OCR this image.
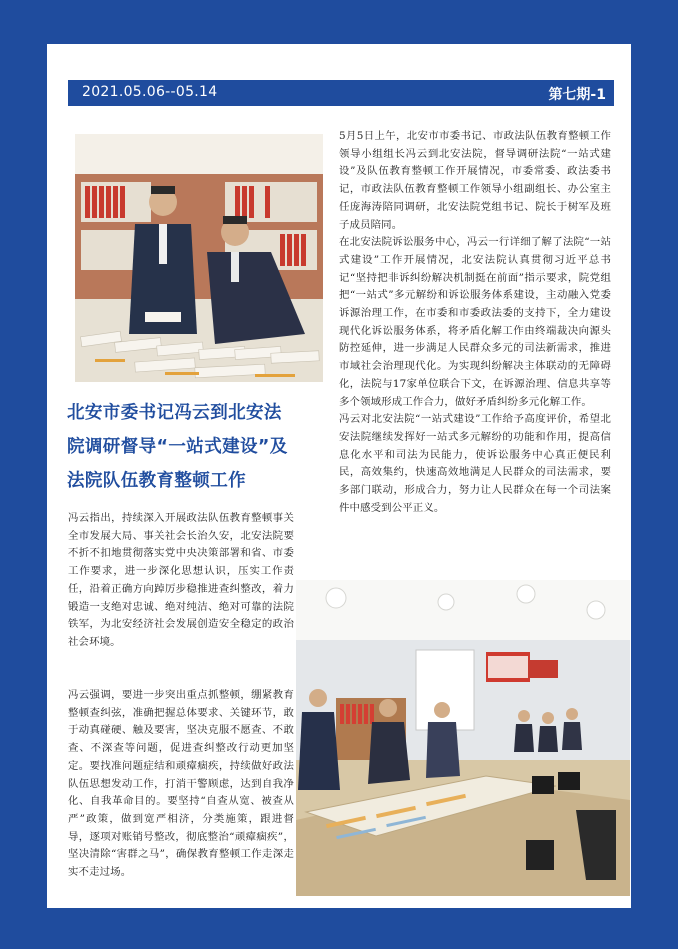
2021.05.06--05.14	第七期-1
北安市委书记冯云到北安法
院调研督导“一站式建设”及
法院队伍教育整顿工作

5月5日上午，北安市市委书记、市政法队伍教育整顿工作领导小组组长冯云到北安法院，督导调研法院“一站式建设”及队伍教育整顿工作开展情况，市委常委、政法委书记，市政法队伍教育整顿工作领导小组副组长、办公室主任庞海涛陪同调研，北安法院党组书记、院长于树军及班子成员陪同。

在北安法院诉讼服务中心，冯云一行详细了解了法院“一站式建设”工作开展情况，北安法院认真贯彻习近平总书记“坚持把非诉纠纷解决机制挺在前面”指示要求，院党组把“一站式”多元解纷和诉讼服务体系建设，主动融入党委诉源治理工作，在市委和市委政法委的支持下，全力建设现代化诉讼服务体系，将矛盾化解工作由终端裁决向源头防控延伸，进一步满足人民群众多元的司法新需求，推进市域社会治理现代化。为实现纠纷解决主体联动的无障碍化，法院与17家单位联合下文，在诉源治理、信息共享等多个领域形成工作合力，做好矛盾纠纷多元化解工作。

冯云对北安法院“一站式建设”工作给予高度评价，希望北安法院继续发挥好一站式多元解纷的功能和作用，提高信息化水平和司法为民能力，使诉讼服务中心真正便民利民，高效集约，快速高效地满足人民群众的司法需求，要多部门联动，形成合力，努力让人民群众在每一个司法案件中感受到公平正义。

冯云指出，持续深入开展政法队伍教育整顿事关全市发展大局、事关社会长治久安，北安法院要不折不扣地贯彻落实党中央决策部署和省、市委工作要求，进一步深化思想认识，压实工作责任，沿着正确方向踔厉步稳推进查纠整改，着力锻造一支绝对忠诚、绝对纯洁、绝对可靠的法院铁军，为北安经济社会发展创造安全稳定的政治社会环境。

冯云强调，要进一步突出重点抓整顿，绷紧教育整顿查纠弦，准确把握总体要求、关键环节，敢于动真碰硬、触及要害，坚决克服不愿查、不敢查、不深查等问题，促进查纠整改行动更加坚定。要找准问题症结和顽瘴痼疾，持续做好政法队伍思想发动工作，打消干警顾虑，达到自我净化、自我革命目的。要坚持“自查从宽、被查从严”政策，做到宽严相济，分类施策，跟进督导，逐项对账销号整改，彻底整治“顽瘴痼疾”，坚决清除“害群之马”，确保教育整顿工作走深走实不走过场。
